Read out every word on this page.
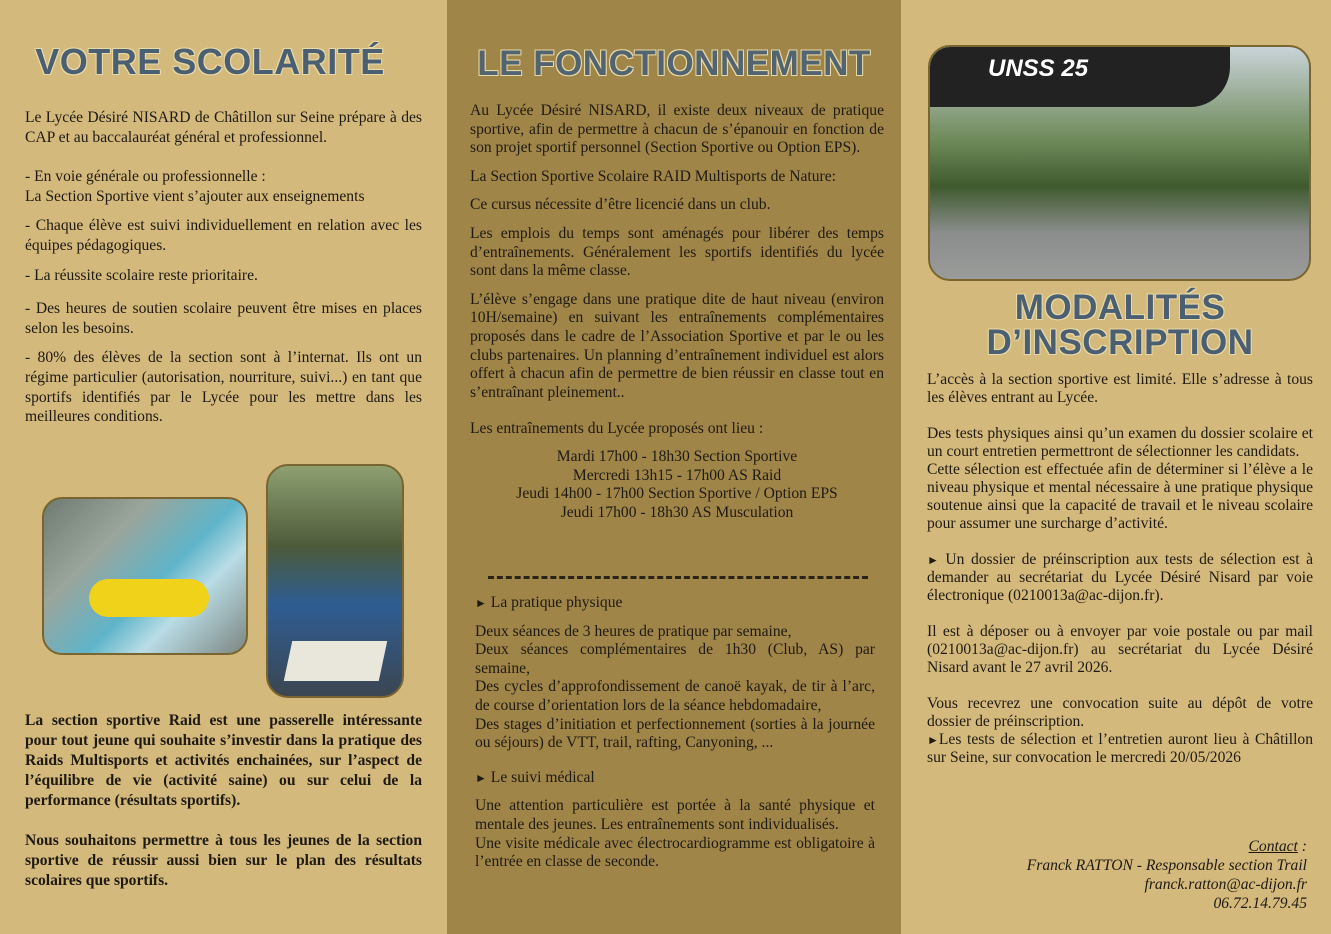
VOTRE SCOLARITÉ

Le Lycée Désiré NISARD de Châtillon sur Seine prépare à des CAP et au baccalauréat général et professionnel.

- En voie générale ou professionnelle :

La Section Sportive vient s’ajouter aux enseignements

- Chaque élève est suivi individuellement en relation avec les équipes pédagogiques.

- La réussite scolaire reste prioritaire.

- Des heures de soutien scolaire peuvent être mises en places selon les besoins.

- 80% des élèves de la section sont à l’internat. Ils ont un régime particulier (autorisation, nourriture, suivi...) en tant que sportifs identifiés par le Lycée pour les mettre dans les meilleures conditions.

La section sportive Raid est une passerelle intéressante pour tout jeune qui souhaite s’investir dans la pratique des Raids Multisports et activités enchainées, sur l’aspect de l’équilibre de vie (activité saine) ou sur celui de la performance (résultats sportifs).

Nous souhaitons permettre à tous les jeunes de la section sportive de réussir aussi bien sur le plan des résultats scolaires que sportifs.

LE FONCTIONNEMENT

Au Lycée Désiré NISARD, il existe deux niveaux de pratique sportive, afin de permettre à chacun de s’épanouir en fonction de son projet sportif personnel (Section Sportive ou Option EPS).

La Section Sportive Scolaire RAID Multisports de Nature:

Ce cursus nécessite d’être licencié dans un club.

Les emplois du temps sont aménagés pour libérer des temps d’entraînements. Généralement les sportifs identifiés du lycée sont dans la même classe.

L’élève s’engage dans une pratique dite de haut niveau (environ 10H/semaine) en suivant les entraînements complémentaires proposés dans le cadre de l’Association Sportive et par le ou les clubs partenaires. Un planning d’entraînement individuel est alors offert à chacun afin de permettre de bien réussir en classe tout en s’entraînant pleinement..

Les entraînements du Lycée proposés ont lieu :

Mardi 17h00 - 18h30 Section Sportive
Mercredi 13h15 - 17h00 AS Raid
Jeudi 14h00 - 17h00 Section Sportive / Option EPS
Jeudi 17h00 - 18h30 AS Musculation

► La pratique physique

Deux séances de 3 heures de pratique par semaine,
Deux séances complémentaires de 1h30 (Club, AS) par semaine,
Des cycles d’approfondissement de canoë kayak, de tir à l’arc, de course d’orientation lors de la séance hebdomadaire,

Des stages d’initiation et perfectionnement (sorties à la journée ou séjours) de VTT, trail, rafting, Canyoning, ...

► Le suivi médical

Une attention particulière est portée à la santé physique et mentale des jeunes. Les entraînements sont individualisés.
Une visite médicale avec électrocardiogramme est obligatoire à l’entrée en classe de seconde.
UNSS 25
MODALITÉS
D’INSCRIPTION

L’accès à la section sportive est limité. Elle s’adresse à tous les élèves entrant au Lycée.

Des tests physiques ainsi qu’un examen du dossier scolaire et un court entretien permettront de sélectionner les candidats.

Cette sélection est effectuée afin de déterminer si l’élève a le niveau physique et mental nécessaire à une pratique physique soutenue ainsi que la capacité de travail et le niveau scolaire pour assumer une surcharge d’activité.

► Un dossier de préinscription aux tests de sélection est à demander au secrétariat du Lycée Désiré Nisard par voie électronique (0210013a@ac-dijon.fr).

Il est à déposer ou à envoyer par voie postale ou par mail (0210013a@ac-dijon.fr) au secrétariat du Lycée Désiré Nisard avant le 27 avril 2026.

Vous recevrez une convocation suite au dépôt de votre dossier de préinscription.
►Les tests de sélection et l’entretien auront lieu à Châtillon sur Seine, sur convocation le mercredi 20/05/2026
Contact :
Franck RATTON - Responsable section Trail
franck.ratton@ac-dijon.fr
06.72.14.79.45
